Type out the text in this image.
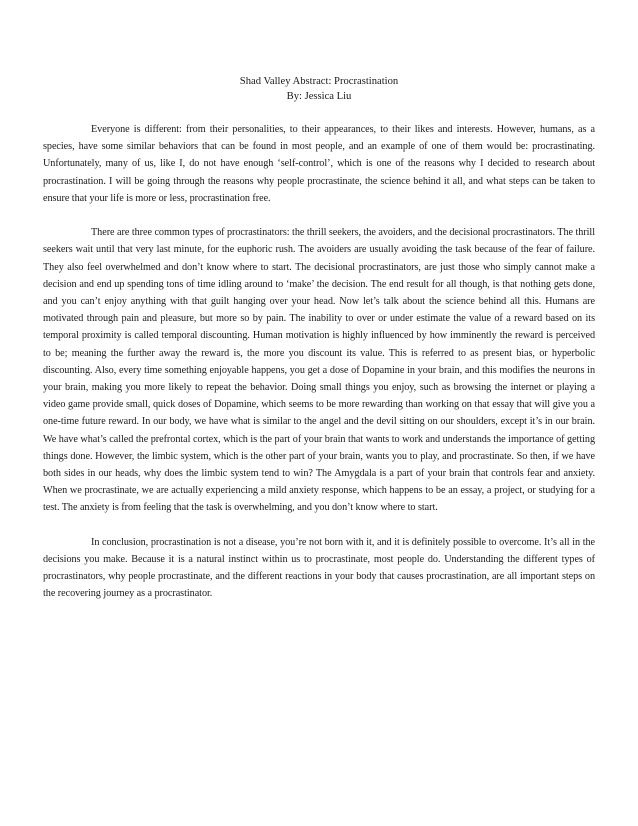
Shad Valley Abstract: Procrastination
By: Jessica Liu

Everyone is different: from their personalities, to their appearances, to their likes and interests. However, humans, as a species, have some similar behaviors that can be found in most people, and an example of one of them would be: procrastinating. Unfortunately, many of us, like I, do not have enough ‘self-control’, which is one of the reasons why I decided to research about procrastination. I will be going through the reasons why people procrastinate, the science behind it all, and what steps can be taken to ensure that your life is more or less, procrastination free.

There are three common types of procrastinators: the thrill seekers, the avoiders, and the decisional procrastinators. The thrill seekers wait until that very last minute, for the euphoric rush. The avoiders are usually avoiding the task because of the fear of failure. They also feel overwhelmed and don’t know where to start. The decisional procrastinators, are just those who simply cannot make a decision and end up spending tons of time idling around to ‘make’ the decision. The end result for all though, is that nothing gets done, and you can’t enjoy anything with that guilt hanging over your head. Now let’s talk about the science behind all this. Humans are motivated through pain and pleasure, but more so by pain. The inability to over or under estimate the value of a reward based on its temporal proximity is called temporal discounting. Human motivation is highly influenced by how imminently the reward is perceived to be; meaning the further away the reward is, the more you discount its value. This is referred to as present bias, or hyperbolic discounting. Also, every time something enjoyable happens, you get a dose of Dopamine in your brain, and this modifies the neurons in your brain, making you more likely to repeat the behavior. Doing small things you enjoy, such as browsing the internet or playing a video game provide small, quick doses of Dopamine, which seems to be more rewarding than working on that essay that will give you a one-time future reward. In our body, we have what is similar to the angel and the devil sitting on our shoulders, except it’s in our brain. We have what’s called the prefrontal cortex, which is the part of your brain that wants to work and understands the importance of getting things done. However, the limbic system, which is the other part of your brain, wants you to play, and procrastinate. So then, if we have both sides in our heads, why does the limbic system tend to win? The Amygdala is a part of your brain that controls fear and anxiety. When we procrastinate, we are actually experiencing a mild anxiety response, which happens to be an essay, a project, or studying for a test. The anxiety is from feeling that the task is overwhelming, and you don’t know where to start.

In conclusion, procrastination is not a disease, you’re not born with it, and it is definitely possible to overcome. It’s all in the decisions you make. Because it is a natural instinct within us to procrastinate, most people do. Understanding the different types of procrastinators, why people procrastinate, and the different reactions in your body that causes procrastination, are all important steps on the recovering journey as a procrastinator.
